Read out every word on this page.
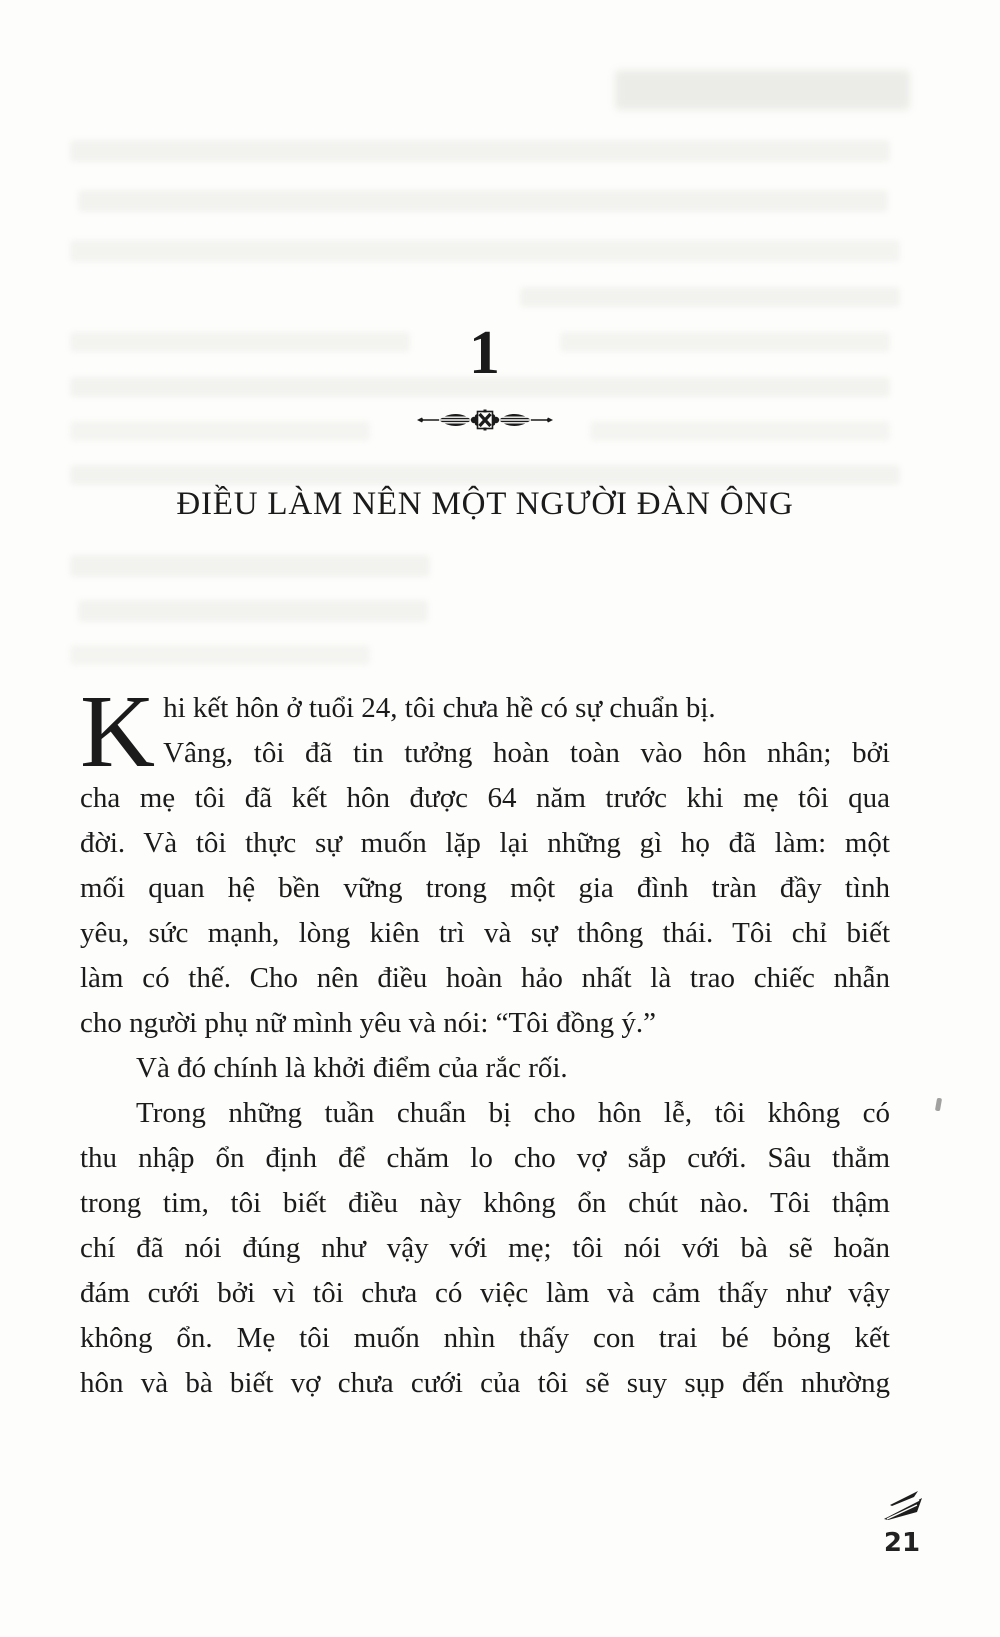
1
ĐIỀU LÀM NÊN MỘT NGƯỜI ĐÀN ÔNG
K hi kết hôn ở tuổi 24, tôi chưa hề có sự chuẩn bị.
Vâng, tôi đã tin tưởng hoàn toàn vào hôn nhân; bởi
cha mẹ tôi đã kết hôn được 64 năm trước khi mẹ tôi qua
đời. Và tôi thực sự muốn lặp lại những gì họ đã làm: một
mối quan hệ bền vững trong một gia đình tràn đầy tình
yêu, sức mạnh, lòng kiên trì và sự thông thái. Tôi chỉ biết
làm có thế. Cho nên điều hoàn hảo nhất là trao chiếc nhẫn
cho người phụ nữ mình yêu và nói: “Tôi đồng ý.”
Và đó chính là khởi điểm của rắc rối.
Trong những tuần chuẩn bị cho hôn lễ, tôi không có
thu nhập ổn định để chăm lo cho vợ sắp cưới. Sâu thẳm
trong tim, tôi biết điều này không ổn chút nào. Tôi thậm
chí đã nói đúng như vậy với mẹ; tôi nói với bà sẽ hoãn
đám cưới bởi vì tôi chưa có việc làm và cảm thấy như vậy
không ổn. Mẹ tôi muốn nhìn thấy con trai bé bỏng kết
hôn và bà biết vợ chưa cưới của tôi sẽ suy sụp đến nhường
21
